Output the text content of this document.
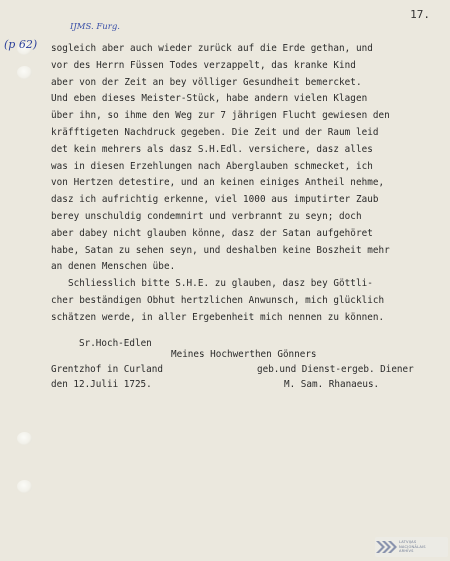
17.
IJMS. Furg.
(p 62) sogleich aber auch wieder zurück auf die Erde gethan, und
vor des Herrn Füssen Todes verzappelt, das kranke Kind
aber von der Zeit an bey völliger Gesundheit bemercket.
Und eben dieses Meister-Stück, habe andern vielen Klagen
über ihn, so ihme den Weg zur 7 jährigen Flucht gewiesen den
kräfftigeten Nachdruck gegeben. Die Zeit und der Raum leid
det kein mehrers als dasz S.H.Edl. versichere, dasz alles
was in diesen Erzehlungen nach Aberglauben schmecket, ich
von Hertzen detestire, und an keinen einiges Antheil nehme,
dasz ich aufrichtig erkenne, viel 1000 aus imputirter Zaub
berey unschuldig condemnirt und verbrannt zu seyn; doch
aber dabey nicht glauben könne, dasz der Satan aufgehöret
habe, Satan zu sehen seyn, und deshalben keine Boszheit mehr
an denen Menschen übe.
Schliesslich bitte S.H.E. zu glauben, dasz bey Göttli-
cher beständigen Obhut hertzlichen Anwunsch, mich glücklich
schätzen werde, in aller Ergebenheit mich nennen zu können.
Sr.Hoch-Edlen
Meines Hochwerthen Gönners
Grentzhof in Curland	geb.und Dienst-ergeb. Diener
den 12.Julii 1725.	M. Sam. Rhanaeus.
LATVIJAS
NACIONĀLAIS
ARHĪVS
